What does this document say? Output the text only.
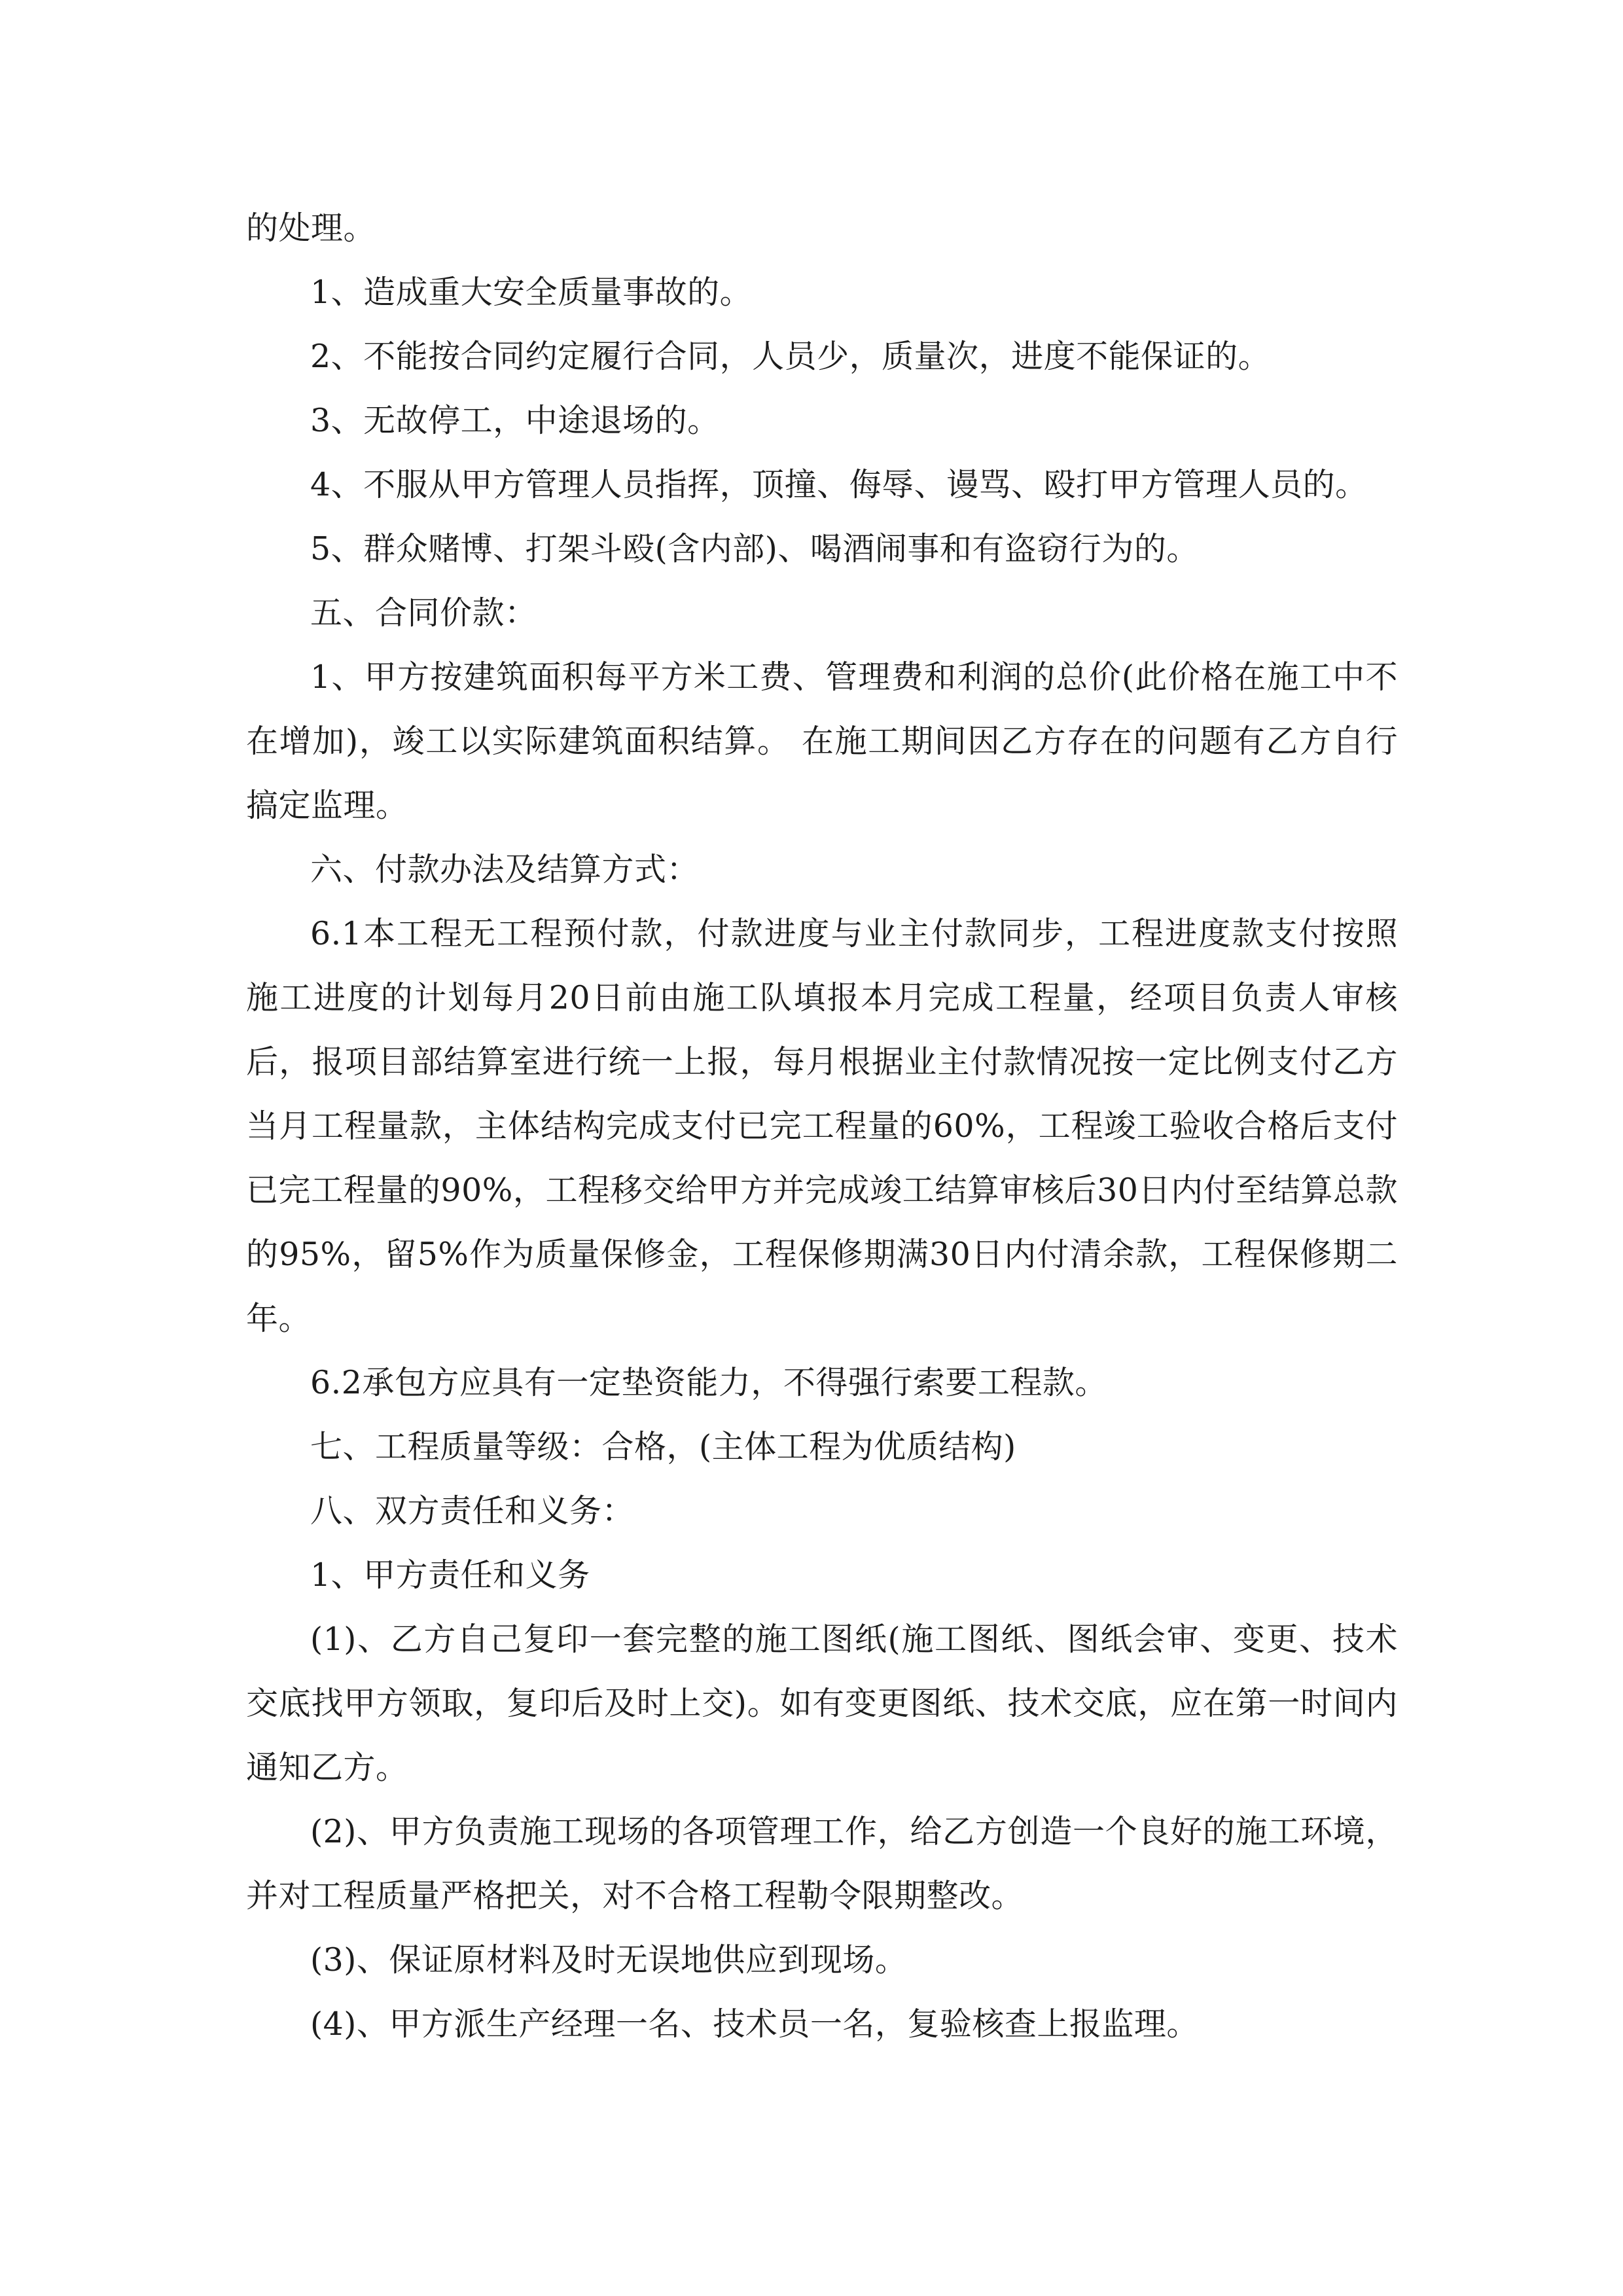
的处理。

1、造成重大安全质量事故的。

2、不能按合同约定履行合同，人员少，质量次，进度不能保证的。

3、无故停工，中途退场的。

4、不服从甲方管理人员指挥，顶撞、侮辱、谩骂、殴打甲方管理人员的。

5、群众赌博、打架斗殴(含内部)、喝酒闹事和有盗窃行为的。

五、合同价款：

1、甲方按建筑面积每平方米工费、管理费和利润的总价(此价格在施工中不在增加)，竣工以实际建筑面积结算。 在施工期间因乙方存在的问题有乙方自行搞定监理。

六、付款办法及结算方式：

6.1本工程无工程预付款，付款进度与业主付款同步，工程进度款支付按照施工进度的计划每月20日前由施工队填报本月完成工程量，经项目负责人审核后，报项目部结算室进行统一上报，每月根据业主付款情况按一定比例支付乙方当月工程量款，主体结构完成支付已完工程量的60%，工程竣工验收合格后支付已完工程量的90%，工程移交给甲方并完成竣工结算审核后30日内付至结算总款的95%，留5%作为质量保修金，工程保修期满30日内付清余款，工程保修期二年。

6.2承包方应具有一定垫资能力，不得强行索要工程款。

七、工程质量等级：合格，(主体工程为优质结构)

八、双方责任和义务：

1、甲方责任和义务

(1)、乙方自己复印一套完整的施工图纸(施工图纸、图纸会审、变更、技术交底找甲方领取，复印后及时上交)。如有变更图纸、技术交底，应在第一时间内通知乙方。

(2)、甲方负责施工现场的各项管理工作，给乙方创造一个良好的施工环境，并对工程质量严格把关，对不合格工程勒令限期整改。

(3)、保证原材料及时无误地供应到现场。

(4)、甲方派生产经理一名、技术员一名，复验核查上报监理。
